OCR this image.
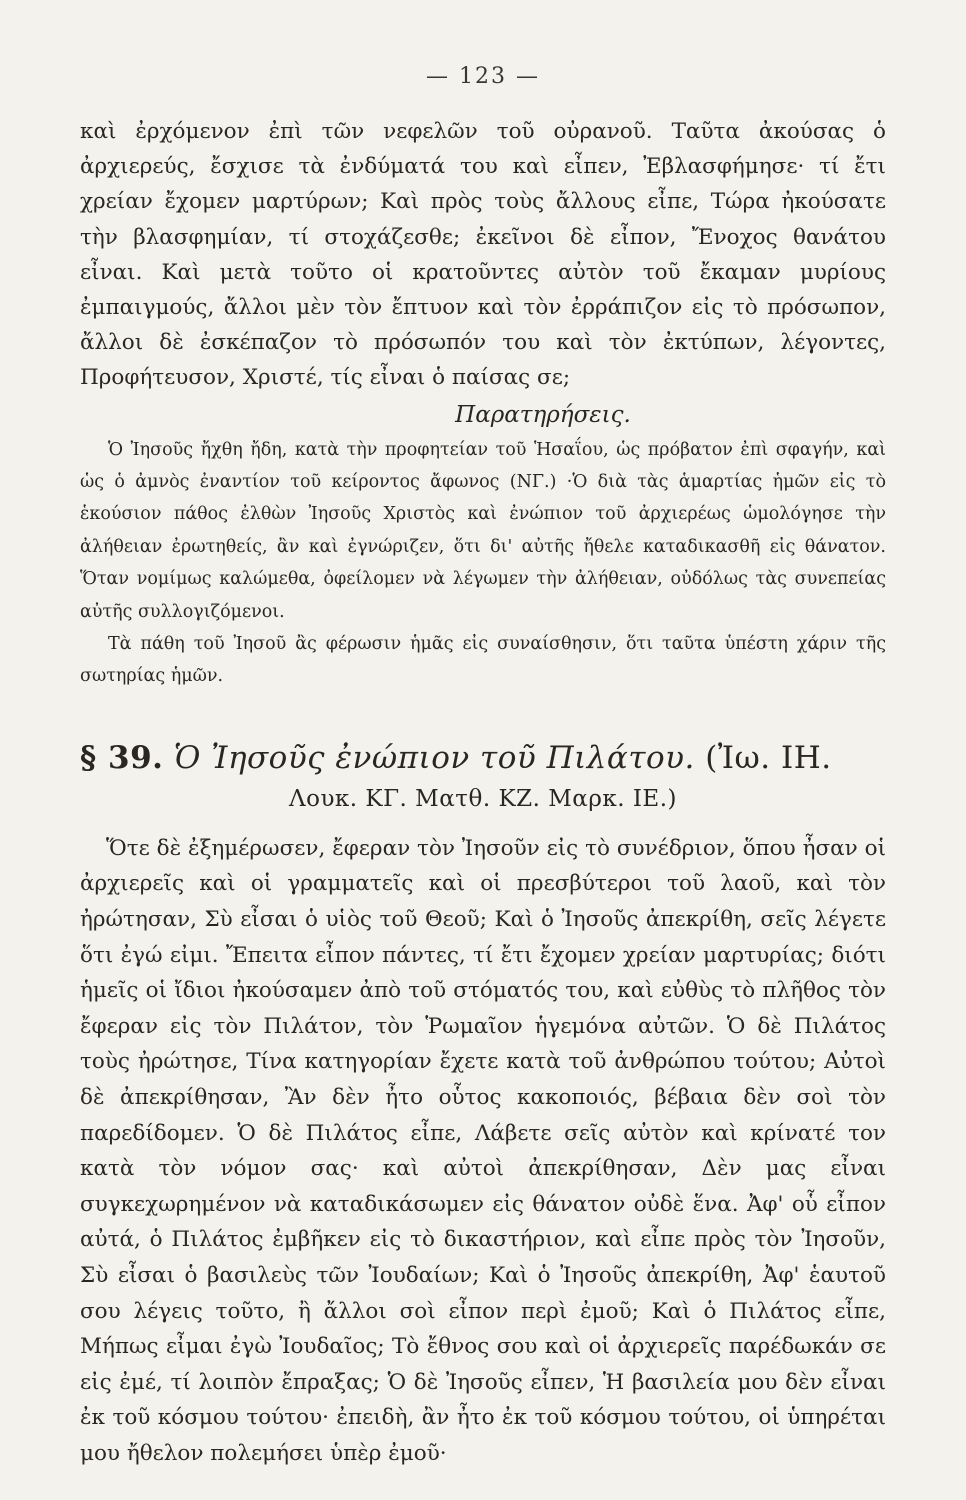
— 123 —

καὶ ἐρχόμενον ἐπὶ τῶν νεφελῶν τοῦ οὐρανοῦ. Ταῦτα ἀκούσας ὁ ἀρχιερεύς, ἔσχισε τὰ ἐνδύματά του καὶ εἶπεν, Ἐβλασφήμησε· τί ἔτι χρείαν ἔχομεν μαρτύρων; Καὶ πρὸς τοὺς ἄλλους εἶπε, Τώρα ἠκούσατε τὴν βλασφημίαν, τί στοχάζεσθε; ἐκεῖνοι δὲ εἶπον, Ἔνοχος θανάτου εἶναι. Καὶ μετὰ τοῦτο οἱ κρατοῦντες αὐτὸν τοῦ ἔκαμαν μυρίους ἐμπαιγμούς, ἄλλοι μὲν τὸν ἔπτυον καὶ τὸν ἐρράπιζον εἰς τὸ πρόσωπον, ἄλλοι δὲ ἐσκέπαζον τὸ πρόσωπόν του καὶ τὸν ἐκτύπων, λέγοντες, Προφήτευσον, Χριστέ, τίς εἶναι ὁ παίσας σε;

Παρατηρήσεις.

Ὁ Ἰησοῦς ἤχθη ἤδη, κατὰ τὴν προφητείαν τοῦ Ἡσαΐου, ὡς πρόβατον ἐπὶ σφαγήν, καὶ ὡς ὁ ἀμνὸς ἐναντίον τοῦ κείροντος ἄφωνος (ΝΓ.) ·Ὁ διὰ τὰς ἁμαρτίας ἡμῶν εἰς τὸ ἑκούσιον πάθος ἐλθὼν Ἰησοῦς Χριστὸς καὶ ἐνώπιον τοῦ ἀρχιερέως ὡμολόγησε τὴν ἀλήθειαν ἐρωτηθείς, ἂν καὶ ἐγνώριζεν, ὅτι δι' αὐτῆς ἤθελε καταδικασθῆ εἰς θάνατον. Ὅταν νομίμως καλώμεθα, ὀφείλομεν νὰ λέγωμεν τὴν ἀλήθειαν, οὐδόλως τὰς συνεπείας αὐτῆς συλλογιζόμενοι.

Τὰ πάθη τοῦ Ἰησοῦ ἂς φέρωσιν ἡμᾶς εἰς συναίσθησιν, ὅτι ταῦτα ὑπέστη χάριν τῆς σωτηρίας ἡμῶν.

§ 39. Ὁ Ἰησοῦς ἐνώπιον τοῦ Πιλάτου. (Ἰω. ΙΗ.
Λουκ. ΚΓ. Ματθ. ΚΖ. Μαρκ. ΙΕ.)

Ὅτε δὲ ἐξημέρωσεν, ἔφεραν τὸν Ἰησοῦν εἰς τὸ συνέδριον, ὅπου ἦσαν οἱ ἀρχιερεῖς καὶ οἱ γραμματεῖς καὶ οἱ πρεσβύτεροι τοῦ λαοῦ, καὶ τὸν ἠρώτησαν, Σὺ εἶσαι ὁ υἱὸς τοῦ Θεοῦ; Καὶ ὁ Ἰησοῦς ἀπεκρίθη, σεῖς λέγετε ὅτι ἐγώ εἰμι. Ἔπειτα εἶπον πάντες, τί ἔτι ἔχομεν χρείαν μαρτυρίας; διότι ἡμεῖς οἱ ἴδιοι ἠκούσαμεν ἀπὸ τοῦ στόματός του, καὶ εὐθὺς τὸ πλῆθος τὸν ἔφεραν εἰς τὸν Πιλάτον, τὸν Ῥωμαῖον ἡγεμόνα αὐτῶν. Ὁ δὲ Πιλάτος τοὺς ἠρώτησε, Τίνα κατηγορίαν ἔχετε κατὰ τοῦ ἀνθρώπου τούτου; Αὐτοὶ δὲ ἀπεκρίθησαν, Ἂν δὲν ἦτο οὗτος κακοποιός, βέβαια δὲν σοὶ τὸν παρεδίδομεν. Ὁ δὲ Πιλάτος εἶπε, Λάβετε σεῖς αὐτὸν καὶ κρίνατέ τον κατὰ τὸν νόμον σας· καὶ αὐτοὶ ἀπεκρίθησαν, Δὲν μας εἶναι συγκεχωρημένον νὰ καταδικάσωμεν εἰς θάνατον οὐδὲ ἕνα. Ἀφ' οὗ εἶπον αὐτά, ὁ Πιλάτος ἐμβῆκεν εἰς τὸ δικαστήριον, καὶ εἶπε πρὸς τὸν Ἰησοῦν, Σὺ εἶσαι ὁ βασιλεὺς τῶν Ἰουδαίων; Καὶ ὁ Ἰησοῦς ἀπεκρίθη, Ἀφ' ἑαυτοῦ σου λέγεις τοῦτο, ἢ ἄλλοι σοὶ εἶπον περὶ ἐμοῦ; Καὶ ὁ Πιλάτος εἶπε, Μήπως εἶμαι ἐγὼ Ἰουδαῖος; Τὸ ἔθνος σου καὶ οἱ ἀρχιερεῖς παρέδωκάν σε εἰς ἐμέ, τί λοιπὸν ἔπραξας; Ὁ δὲ Ἰησοῦς εἶπεν, Ἡ βασιλεία μου δὲν εἶναι ἐκ τοῦ κόσμου τούτου· ἐπειδὴ, ἂν ἦτο ἐκ τοῦ κόσμου τούτου, οἱ ὑπηρέται μου ἤθελον πολεμήσει ὑπὲρ ἐμοῦ·
